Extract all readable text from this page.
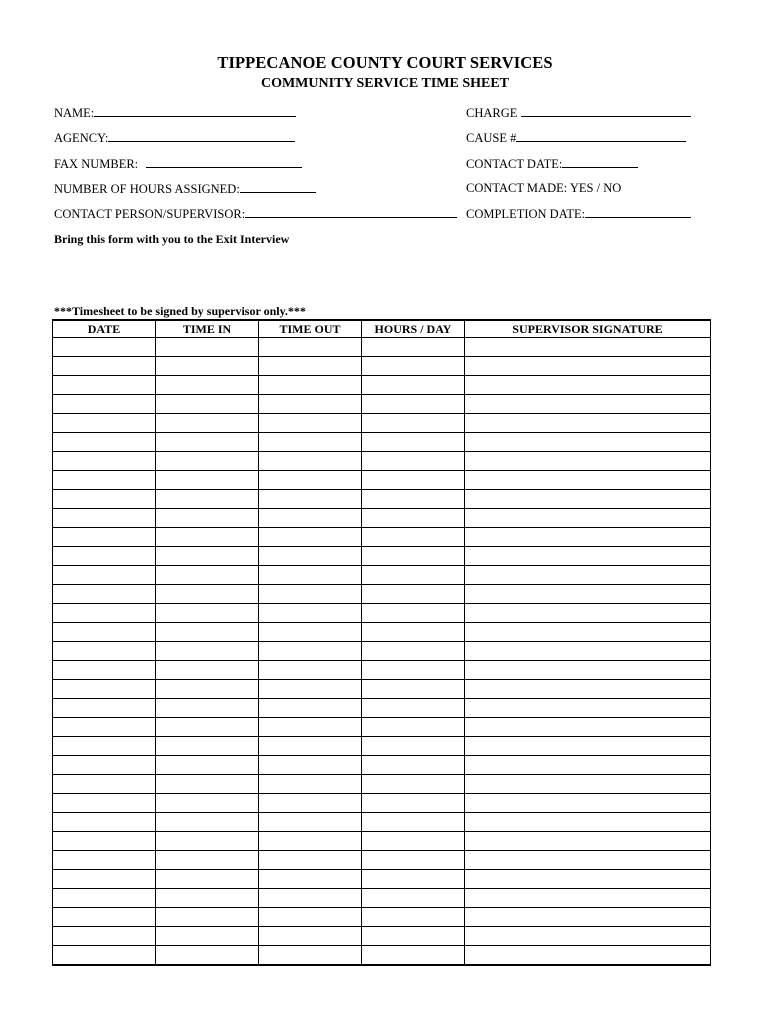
TIPPECANOE COUNTY COURT SERVICES
COMMUNITY SERVICE TIME SHEET
NAME:
AGENCY:
FAX NUMBER:
NUMBER OF HOURS ASSIGNED:
CONTACT PERSON/SUPERVISOR:
CHARGE
CAUSE #
CONTACT DATE:
CONTACT MADE: YES / NO
COMPLETION DATE:
Bring this form with you to the Exit Interview
***Timesheet to be signed by supervisor only.***
DATE	TIME IN	TIME OUT	HOURS / DAY	SUPERVISOR SIGNATURE
